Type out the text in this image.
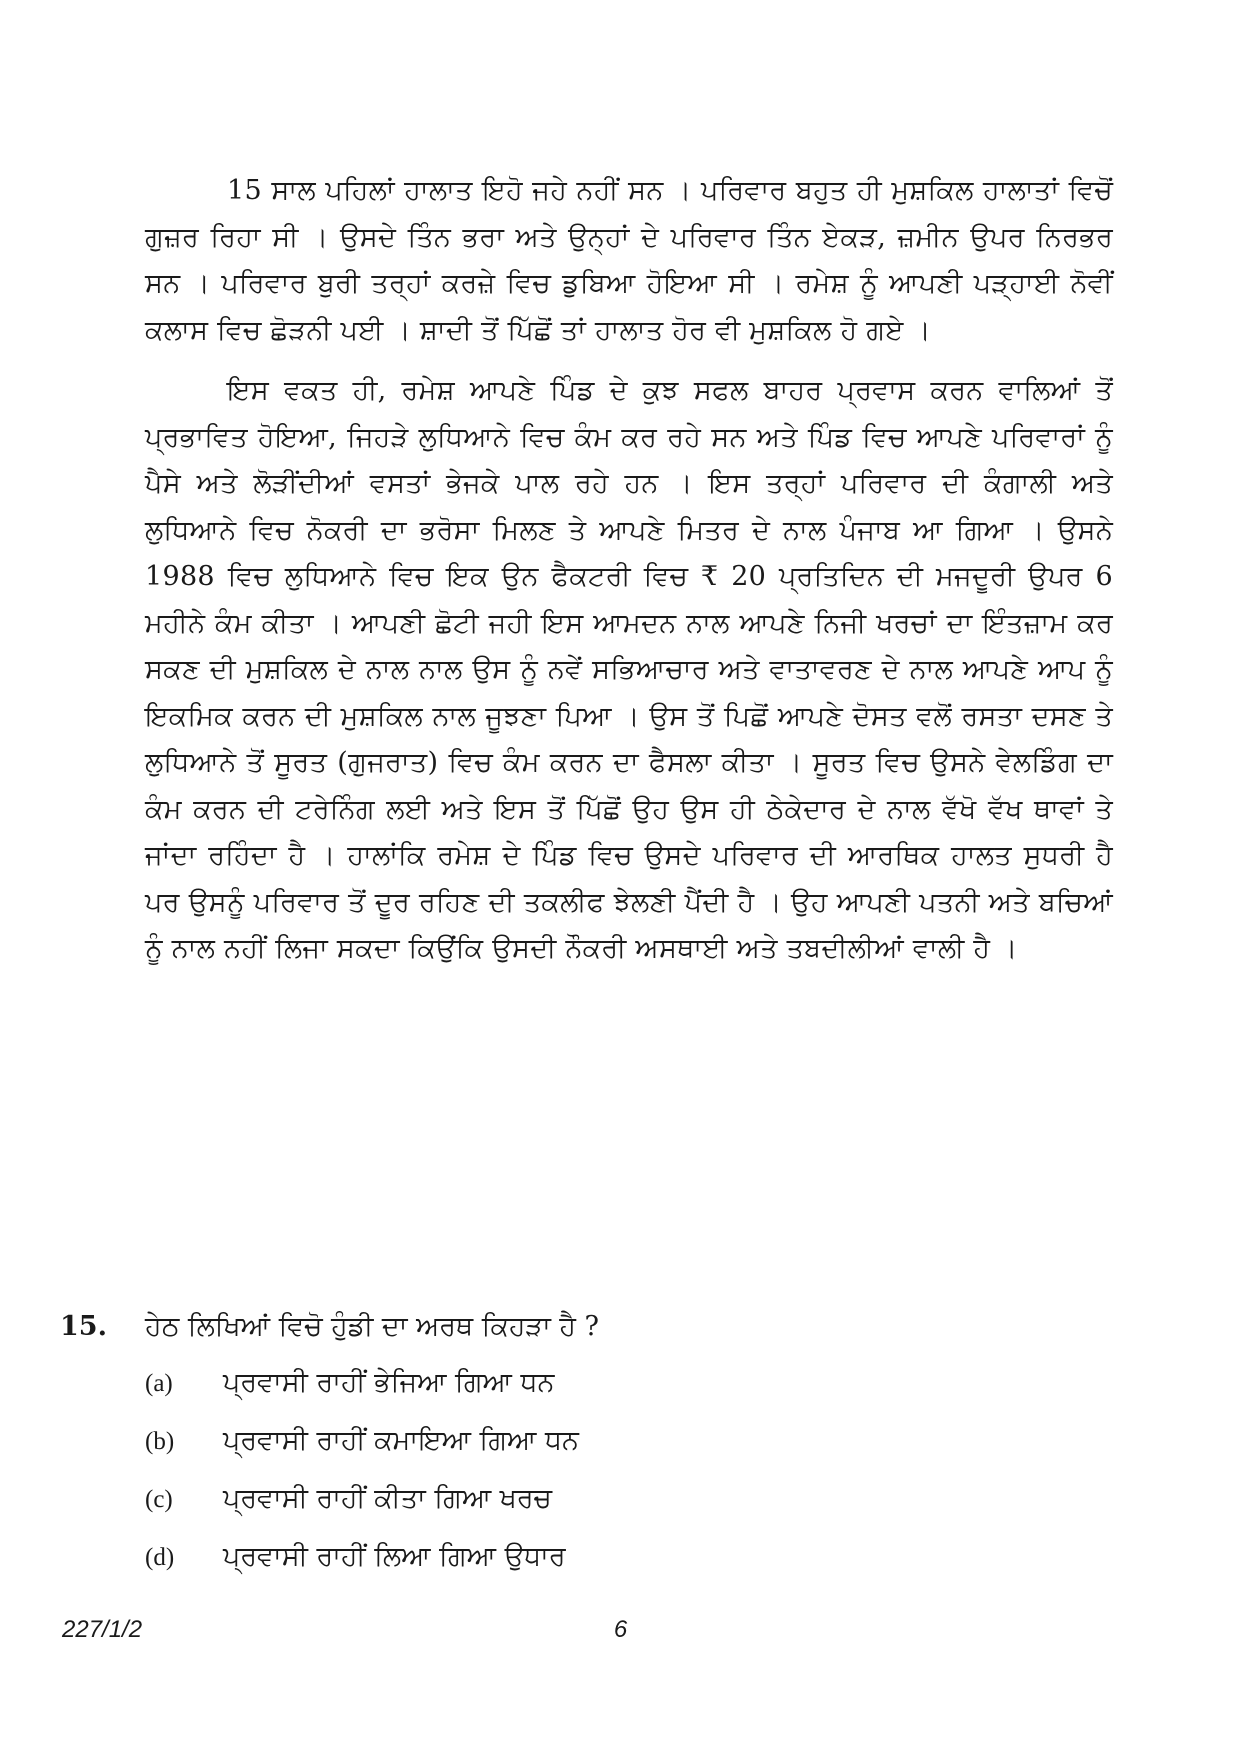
15 ਸਾਲ ਪਹਿਲਾਂ ਹਾਲਾਤ ਇਹੋ ਜਹੇ ਨਹੀਂ ਸਨ । ਪਰਿਵਾਰ ਬਹੁਤ ਹੀ ਮੁਸ਼ਕਿਲ ਹਾਲਾਤਾਂ ਵਿਚੋਂ ਗੁਜ਼ਰ ਰਿਹਾ ਸੀ । ਉਸਦੇ ਤਿੰਨ ਭਰਾ ਅਤੇ ਉਨ੍ਹਾਂ ਦੇ ਪਰਿਵਾਰ ਤਿੰਨ ਏਕੜ, ਜ਼ਮੀਨ ਉਪਰ ਨਿਰਭਰ ਸਨ । ਪਰਿਵਾਰ ਬੁਰੀ ਤਰ੍ਹਾਂ ਕਰਜ਼ੇ ਵਿਚ ਡੁਬਿਆ ਹੋਇਆ ਸੀ । ਰਮੇਸ਼ ਨੂੰ ਆਪਣੀ ਪੜ੍ਹਾਈ ਨੋਵੀਂ ਕਲਾਸ ਵਿਚ ਛੋੜਨੀ ਪਈ । ਸ਼ਾਦੀ ਤੋਂ ਪਿੱਛੋਂ ਤਾਂ ਹਾਲਾਤ ਹੋਰ ਵੀ ਮੁਸ਼ਕਿਲ ਹੋ ਗਏ ।

ਇਸ ਵਕਤ ਹੀ, ਰਮੇਸ਼ ਆਪਣੇ ਪਿੰਡ ਦੇ ਕੁਝ ਸਫਲ ਬਾਹਰ ਪ੍ਰਵਾਸ ਕਰਨ ਵਾਲਿਆਂ ਤੋਂ ਪ੍ਰਭਾਵਿਤ ਹੋਇਆ, ਜਿਹੜੇ ਲੁਧਿਆਨੇ ਵਿਚ ਕੰਮ ਕਰ ਰਹੇ ਸਨ ਅਤੇ ਪਿੰਡ ਵਿਚ ਆਪਣੇ ਪਰਿਵਾਰਾਂ ਨੂੰ ਪੈਸੇ ਅਤੇ ਲੋੜੀਂਦੀਆਂ ਵਸਤਾਂ ਭੇਜਕੇ ਪਾਲ ਰਹੇ ਹਨ । ਇਸ ਤਰ੍ਹਾਂ ਪਰਿਵਾਰ ਦੀ ਕੰਗਾਲੀ ਅਤੇ ਲੁਧਿਆਨੇ ਵਿਚ ਨੋਕਰੀ ਦਾ ਭਰੋਸਾ ਮਿਲਣ ਤੇ ਆਪਣੇ ਮਿਤਰ ਦੇ ਨਾਲ ਪੰਜਾਬ ਆ ਗਿਆ । ਉਸਨੇ 1988 ਵਿਚ ਲੁਧਿਆਨੇ ਵਿਚ ਇਕ ਉਨ ਫੈਕਟਰੀ ਵਿਚ ₹ 20 ਪ੍ਰਤਿਦਿਨ ਦੀ ਮਜਦੂਰੀ ਉਪਰ 6 ਮਹੀਨੇ ਕੰਮ ਕੀਤਾ । ਆਪਣੀ ਛੋਟੀ ਜਹੀ ਇਸ ਆਮਦਨ ਨਾਲ ਆਪਣੇ ਨਿਜੀ ਖਰਚਾਂ ਦਾ ਇੰਤਜ਼ਾਮ ਕਰ ਸਕਣ ਦੀ ਮੁਸ਼ਕਿਲ ਦੇ ਨਾਲ ਨਾਲ ਉਸ ਨੂੰ ਨਵੇਂ ਸਭਿਆਚਾਰ ਅਤੇ ਵਾਤਾਵਰਣ ਦੇ ਨਾਲ ਆਪਣੇ ਆਪ ਨੂੰ ਇਕਮਿਕ ਕਰਨ ਦੀ ਮੁਸ਼ਕਿਲ ਨਾਲ ਜੂਝਣਾ ਪਿਆ । ਉਸ ਤੋਂ ਪਿਛੋਂ ਆਪਣੇ ਦੋਸਤ ਵਲੋਂ ਰਸਤਾ ਦਸਣ ਤੇ ਲੁਧਿਆਨੇ ਤੋਂ ਸੂਰਤ (ਗੁਜਰਾਤ) ਵਿਚ ਕੰਮ ਕਰਨ ਦਾ ਫੈਸਲਾ ਕੀਤਾ । ਸੂਰਤ ਵਿਚ ਉਸਨੇ ਵੇਲਡਿੰਗ ਦਾ ਕੰਮ ਕਰਨ ਦੀ ਟਰੇਨਿੰਗ ਲਈ ਅਤੇ ਇਸ ਤੋਂ ਪਿੱਛੋਂ ਉਹ ਉਸ ਹੀ ਠੇਕੇਦਾਰ ਦੇ ਨਾਲ ਵੱਖੋ ਵੱਖ ਥਾਵਾਂ ਤੇ ਜਾਂਦਾ ਰਹਿੰਦਾ ਹੈ । ਹਾਲਾਂਕਿ ਰਮੇਸ਼ ਦੇ ਪਿੰਡ ਵਿਚ ਉਸਦੇ ਪਰਿਵਾਰ ਦੀ ਆਰਥਿਕ ਹਾਲਤ ਸੁਧਰੀ ਹੈ ਪਰ ਉਸਨੂੰ ਪਰਿਵਾਰ ਤੋਂ ਦੂਰ ਰਹਿਣ ਦੀ ਤਕਲੀਫ ਝੇਲਣੀ ਪੈਂਦੀ ਹੈ । ਉਹ ਆਪਣੀ ਪਤਨੀ ਅਤੇ ਬਚਿਆਂ ਨੂੰ ਨਾਲ ਨਹੀਂ ਲਿਜਾ ਸਕਦਾ ਕਿਉਂਕਿ ਉਸਦੀ ਨੌਕਰੀ ਅਸਥਾਈ ਅਤੇ ਤਬਦੀਲੀਆਂ ਵਾਲੀ ਹੈ ।

15.	ਹੇਠ ਲਿਖਿਆਂ ਵਿਚੋ ਹੁੰਡੀ ਦਾ ਅਰਥ ਕਿਹੜਾ ਹੈ ?
(a)	ਪ੍ਰਵਾਸੀ ਰਾਹੀਂ ਭੇਜਿਆ ਗਿਆ ਧਨ
(b)	ਪ੍ਰਵਾਸੀ ਰਾਹੀਂ ਕਮਾਇਆ ਗਿਆ ਧਨ
(c)	ਪ੍ਰਵਾਸੀ ਰਾਹੀਂ ਕੀਤਾ ਗਿਆ ਖਰਚ
(d)	ਪ੍ਰਵਾਸੀ ਰਾਹੀਂ ਲਿਆ ਗਿਆ ਉਧਾਰ
227/1/2	6
